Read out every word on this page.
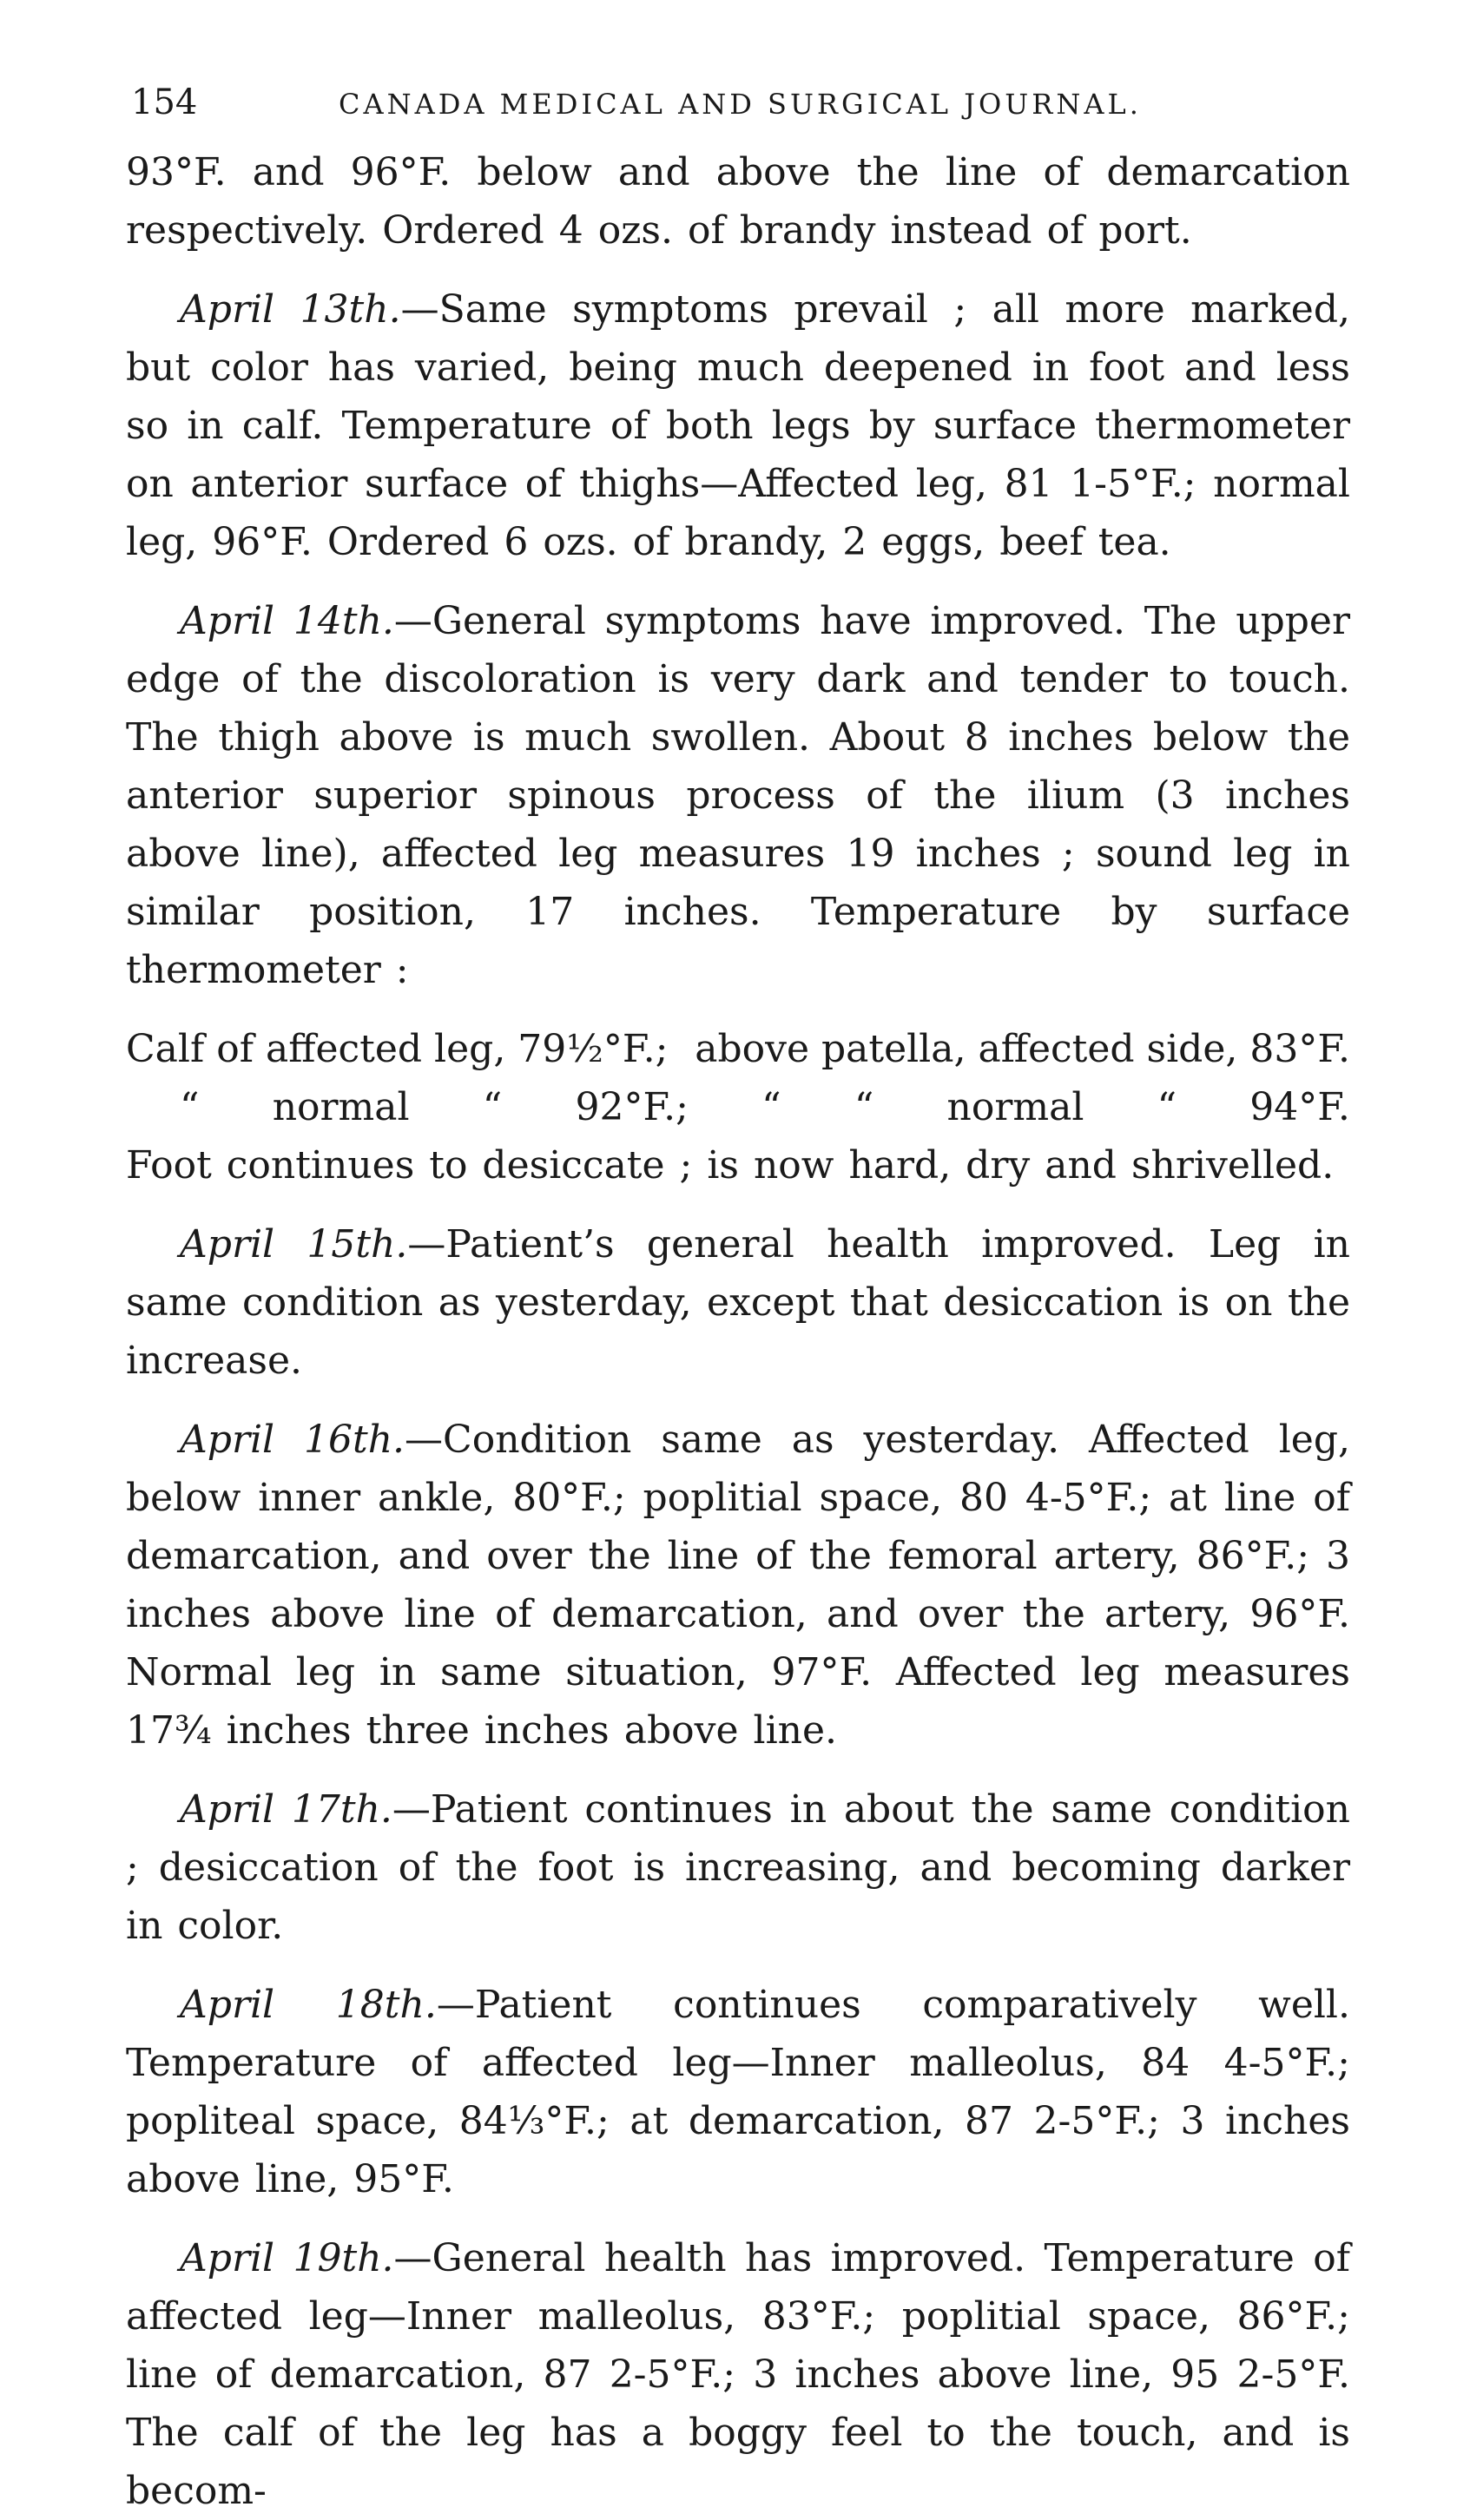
154	CANADA MEDICAL AND SURGICAL JOURNAL.

93°F. and 96°F. below and above the line of demarcation respectively. Ordered 4 ozs. of brandy instead of port.

April 13th.—Same symptoms prevail ; all more marked, but color has varied, being much deepened in foot and less so in calf. Temperature of both legs by surface thermometer on anterior surface of thighs—Affected leg, 81 1-5°F.; normal leg, 96°F. Ordered 6 ozs. of brandy, 2 eggs, beef tea.

April 14th.—General symptoms have improved. The upper edge of the discoloration is very dark and tender to touch. The thigh above is much swollen. About 8 inches below the anterior superior spinous process of the ilium (3 inches above line), affected leg measures 19 inches ; sound leg in similar position, 17 inches. Temperature by surface thermometer :

Calf of affected leg, 79½°F.; above patella, affected side, 83°F.
“ normal “ 92°F.; “ “ normal “ 94°F.

Foot continues to desiccate ; is now hard, dry and shrivelled.

April 15th.—Patient’s general health improved. Leg in same condition as yesterday, except that desiccation is on the increase.

April 16th.—Condition same as yesterday. Affected leg, below inner ankle, 80°F.; poplitial space, 80 4-5°F.; at line of demarcation, and over the line of the femoral artery, 86°F.; 3 inches above line of demarcation, and over the artery, 96°F. Normal leg in same situation, 97°F. Affected leg measures 17¾ inches three inches above line.

April 17th.—Patient continues in about the same condition ; desiccation of the foot is increasing, and becoming darker in color.

April 18th.—Patient continues comparatively well. Temperature of affected leg—Inner malleolus, 84 4-5°F.; popliteal space, 84⅓°F.; at demarcation, 87 2-5°F.; 3 inches above line, 95°F.

April 19th.—General health has improved. Temperature of affected leg—Inner malleolus, 83°F.; poplitial space, 86°F.; line of demarcation, 87 2-5°F.; 3 inches above line, 95 2-5°F. The calf of the leg has a boggy feel to the touch, and is becom-
